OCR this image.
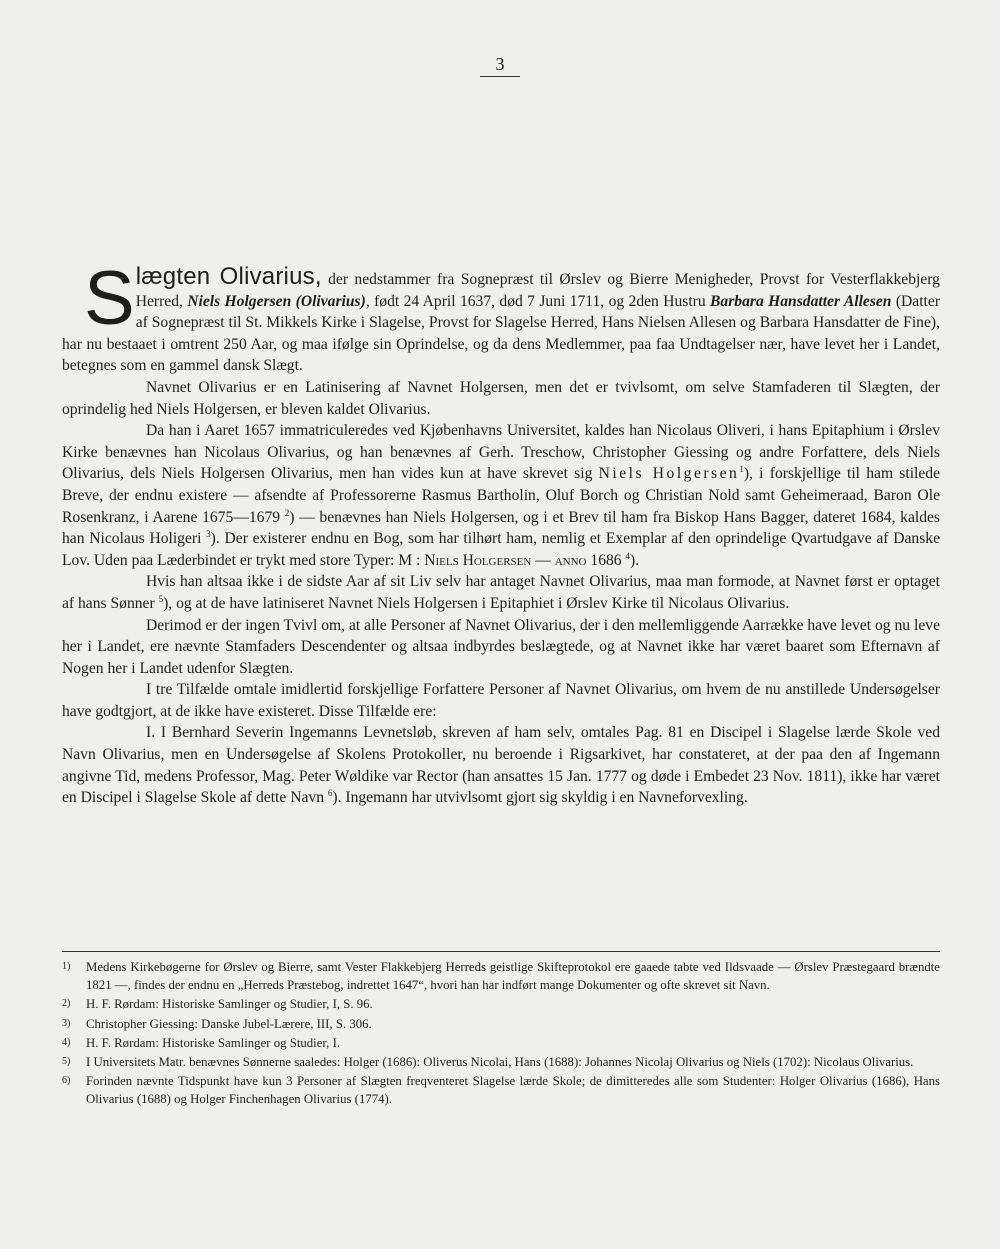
3

Slægten Olivarius, der nedstammer fra Sognepræst til Ørslev og Bierre Menigheder, Provst for Vesterflakkebjerg Herred, Niels Holgersen (Olivarius), født 24 April 1637, død 7 Juni 1711, og 2den Hustru Barbara Hansdatter Allesen (Datter af Sognepræst til St. Mikkels Kirke i Slagelse, Provst for Slagelse Herred, Hans Nielsen Allesen og Barbara Hansdatter de Fine), har nu bestaaet i omtrent 250 Aar, og maa ifølge sin Oprindelse, og da dens Medlemmer, paa faa Undtagelser nær, have levet her i Landet, betegnes som en gammel dansk Slægt.

Navnet Olivarius er en Latinisering af Navnet Holgersen, men det er tvivlsomt, om selve Stamfaderen til Slægten, der oprindelig hed Niels Holgersen, er bleven kaldet Olivarius.

Da han i Aaret 1657 immatriculeredes ved Kjøbenhavns Universitet, kaldes han Nicolaus Oliveri, i hans Epitaphium i Ørslev Kirke benævnes han Nicolaus Olivarius, og han benævnes af Gerh. Treschow, Christopher Giessing og andre Forfattere, dels Niels Olivarius, dels Niels Holgersen Olivarius, men han vides kun at have skrevet sig Niels Holgersen$^1$), i forskjellige til ham stilede Breve, der endnu existere — afsendte af Professorerne Rasmus Bartholin, Oluf Borch og Christian Nold samt Geheimeraad, Baron Ole Rosenkranz, i Aarene 1675—1679 $^2$) — benævnes han Niels Holgersen, og i et Brev til ham fra Biskop Hans Bagger, dateret 1684, kaldes han Nicolaus Holigeri $^3$). Der existerer endnu en Bog, som har tilhørt ham, nemlig et Exemplar af den oprindelige Qvartudgave af Danske Lov. Uden paa Læderbindet er trykt med store Typer: M : Niels Holgersen — anno 1686 $^4$).

Hvis han altsaa ikke i de sidste Aar af sit Liv selv har antaget Navnet Olivarius, maa man formode, at Navnet først er optaget af hans Sønner $^5$), og at de have latiniseret Navnet Niels Holgersen i Epitaphiet i Ørslev Kirke til Nicolaus Olivarius.

Derimod er der ingen Tvivl om, at alle Personer af Navnet Olivarius, der i den mellemliggende Aarrække have levet og nu leve her i Landet, ere nævnte Stamfaders Descendenter og altsaa indbyrdes beslægtede, og at Navnet ikke har været baaret som Efternavn af Nogen her i Landet udenfor Slægten.

I tre Tilfælde omtale imidlertid forskjellige Forfattere Personer af Navnet Olivarius, om hvem de nu anstillede Undersøgelser have godtgjort, at de ikke have existeret. Disse Tilfælde ere:

I. I Bernhard Severin Ingemanns Levnetsløb, skreven af ham selv, omtales Pag. 81 en Discipel i Slagelse lærde Skole ved Navn Olivarius, men en Undersøgelse af Skolens Protokoller, nu beroende i Rigsarkivet, har constateret, at der paa den af Ingemann angivne Tid, medens Professor, Mag. Peter Wøldike var Rector (han ansattes 15 Jan. 1777 og døde i Embedet 23 Nov. 1811), ikke har været en Discipel i Slagelse Skole af dette Navn $^6$). Ingemann har utvivlsomt gjort sig skyldig i en Navneforvexling.

1) Medens Kirkebøgerne for Ørslev og Bierre, samt Vester Flakkebjerg Herreds geistlige Skifteprotokol ere gaaede tabte ved Ildsvaade — Ørslev Præstegaard brændte 1821 —, findes der endnu en „Herreds Præstebog, indrettet 1647“, hvori han har indført mange Dokumenter og ofte skrevet sit Navn.
2) H. F. Rørdam: Historiske Samlinger og Studier, I, S. 96.
3) Christopher Giessing: Danske Jubel-Lærere, III, S. 306.
4) H. F. Rørdam: Historiske Samlinger og Studier, I.
5) I Universitets Matr. benævnes Sønnerne saaledes: Holger (1686): Oliverus Nicolai, Hans (1688): Johannes Nicolaj Olivarius og Niels (1702): Nicolaus Olivarius.
6) Forinden nævnte Tidspunkt have kun 3 Personer af Slægten freqventeret Slagelse lærde Skole; de dimitteredes alle som Studenter: Holger Olivarius (1686), Hans Olivarius (1688) og Holger Finchenhagen Olivarius (1774).
